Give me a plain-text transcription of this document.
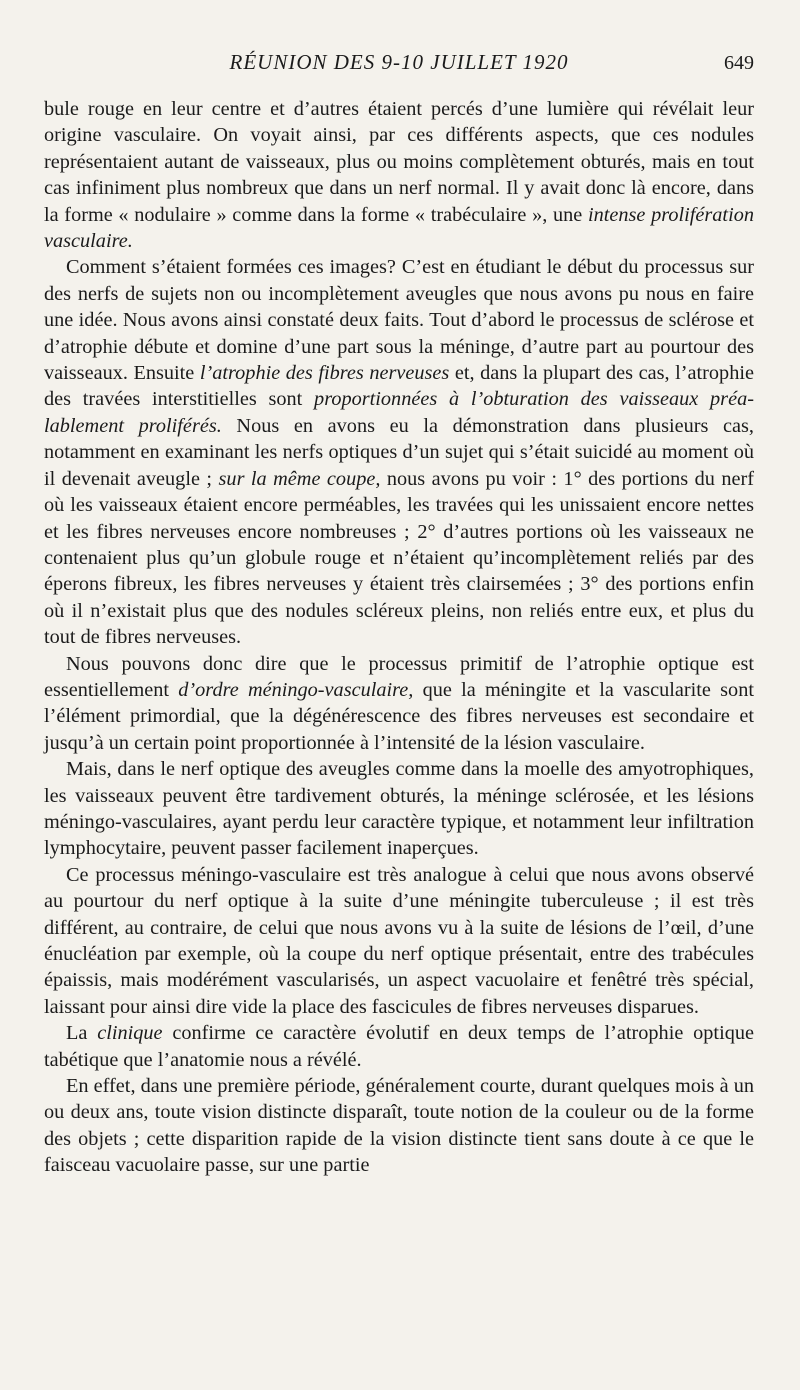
RÉUNION DES 9-10 JUILLET 1920	649

bule rouge en leur centre et d’autres étaient percés d’une lumière qui révélait leur origine vasculaire. On voyait ainsi, par ces différents aspects, que ces nodules représentaient autant de vaisseaux, plus ou moins complètement obturés, mais en tout cas infiniment plus nombreux que dans un nerf normal. Il y avait donc là encore, dans la forme « nodulaire » comme dans la forme « trabéculaire », une intense prolifération vasculaire.

Comment s’étaient formées ces images? C’est en étudiant le début du processus sur des nerfs de sujets non ou incomplètement aveugles que nous avons pu nous en faire une idée. Nous avons ainsi constaté deux faits. Tout d’abord le processus de sclérose et d’atrophie débute et domine d’une part sous la méninge, d’autre part au pourtour des vaisseaux. Ensuite l’atrophie des fibres nerveuses et, dans la plupart des cas, l’atrophie des travées interstitielles sont proportionnées à l’obturation des vaisseaux préalablement proliférés. Nous en avons eu la démonstration dans plusieurs cas, notamment en examinant les nerfs optiques d’un sujet qui s’était suicidé au moment où il devenait aveugle ; sur la même coupe, nous avons pu voir : 1° des portions du nerf où les vaisseaux étaient encore perméables, les travées qui les unissaient encore nettes et les fibres nerveuses encore nombreuses ; 2° d’autres portions où les vaisseaux ne contenaient plus qu’un globule rouge et n’étaient qu’incomplètement reliés par des éperons fibreux, les fibres nerveuses y étaient très clairsemées ; 3° des portions enfin où il n’existait plus que des nodules scléreux pleins, non reliés entre eux, et plus du tout de fibres nerveuses.

Nous pouvons donc dire que le processus primitif de l’atrophie optique est essentiellement d’ordre méningo-vasculaire, que la méningite et la vascularite sont l’élément primordial, que la dégénérescence des fibres nerveuses est secondaire et jusqu’à un certain point proportionnée à l’intensité de la lésion vasculaire.

Mais, dans le nerf optique des aveugles comme dans la moelle des amyotrophiques, les vaisseaux peuvent être tardivement obturés, la méninge sclérosée, et les lésions méningo-vasculaires, ayant perdu leur caractère typique, et notamment leur infiltration lymphocytaire, peuvent passer facilement inaperçues.

Ce processus méningo-vasculaire est très analogue à celui que nous avons observé au pourtour du nerf optique à la suite d’une méningite tuberculeuse ; il est très différent, au contraire, de celui que nous avons vu à la suite de lésions de l’œil, d’une énucléation par exemple, où la coupe du nerf optique présentait, entre des trabécules épaissis, mais modérément vascularisés, un aspect vacuolaire et fenêtré très spécial, laissant pour ainsi dire vide la place des fascicules de fibres nerveuses disparues.

La clinique confirme ce caractère évolutif en deux temps de l’atrophie optique tabétique que l’anatomie nous a révélé.

En effet, dans une première période, généralement courte, durant quelques mois à un ou deux ans, toute vision distincte disparaît, toute notion de la couleur ou de la forme des objets ; cette disparition rapide de la vision distincte tient sans doute à ce que le faisceau vacuolaire passe, sur une partie
